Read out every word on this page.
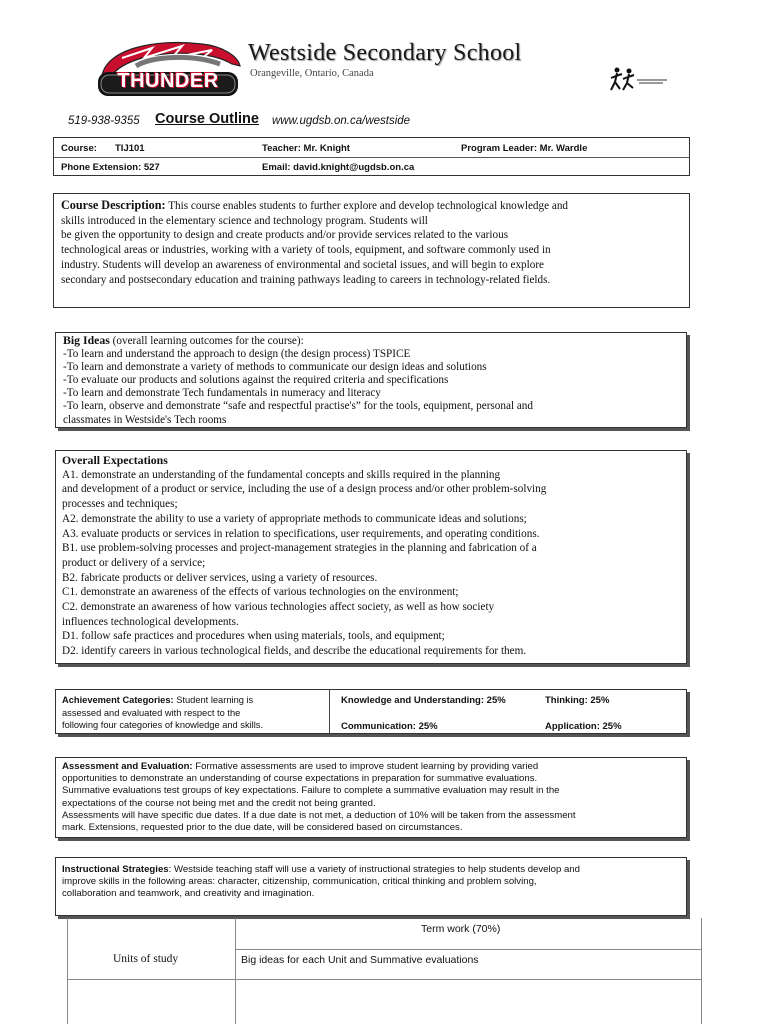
THUNDER
Westside Secondary School
Orangeville, Ontario, Canada
519-938-9355 Course Outline www.ugdsb.on.ca/westside
Course: TIJ101	Teacher: Mr. Knight	Program Leader: Mr. Wardle
Phone Extension: 527	Email: david.knight@ugdsb.on.ca
Course Description: This course enables students to further explore and develop technological knowledge and
skills introduced in the elementary science and technology program. Students will
be given the opportunity to design and create products and/or provide services related to the various
technological areas or industries, working with a variety of tools, equipment, and software commonly used in
industry. Students will develop an awareness of environmental and societal issues, and will begin to explore
secondary and postsecondary education and training pathways leading to careers in technology-related fields.
Big Ideas (overall learning outcomes for the course):
-To learn and understand the approach to design (the design process) TSPICE
-To learn and demonstrate a variety of methods to communicate our design ideas and solutions
-To evaluate our products and solutions against the required criteria and specifications
-To learn and demonstrate Tech fundamentals in numeracy and literacy
-To learn, observe and demonstrate “safe and respectful practise's” for the tools, equipment, personal and
classmates in Westside's Tech rooms
Overall Expectations
A1. demonstrate an understanding of the fundamental concepts and skills required in the planning
and development of a product or service, including the use of a design process and/or other problem-solving
processes and techniques;
A2. demonstrate the ability to use a variety of appropriate methods to communicate ideas and solutions;
A3. evaluate products or services in relation to specifications, user requirements, and operating conditions.
B1. use problem-solving processes and project-management strategies in the planning and fabrication of a
product or delivery of a service;
B2. fabricate products or deliver services, using a variety of resources.
C1. demonstrate an awareness of the effects of various technologies on the environment;
C2. demonstrate an awareness of how various technologies affect society, as well as how society
influences technological developments.
D1. follow safe practices and procedures when using materials, tools, and equipment;
D2. identify careers in various technological fields, and describe the educational requirements for them.
Achievement Categories: Student learning is
assessed and evaluated with respect to the
following four categories of knowledge and skills.
Knowledge and Understanding: 25%	Thinking: 25%
Communication: 25%	Application: 25%
Assessment and Evaluation: Formative assessments are used to improve student learning by providing varied
opportunities to demonstrate an understanding of course expectations in preparation for summative evaluations.
Summative evaluations test groups of key expectations. Failure to complete a summative evaluation may result in the
expectations of the course not being met and the credit not being granted.
Assessments will have specific due dates. If a due date is not met, a deduction of 10% will be taken from the assessment
mark. Extensions, requested prior to the due date, will be considered based on circumstances.
Instructional Strategies: Westside teaching staff will use a variety of instructional strategies to help students develop and
improve skills in the following areas: character, citizenship, communication, critical thinking and problem solving,
collaboration and teamwork, and creativity and imagination.
Term work (70%)
Units of study	Big ideas for each Unit and Summative evaluations
